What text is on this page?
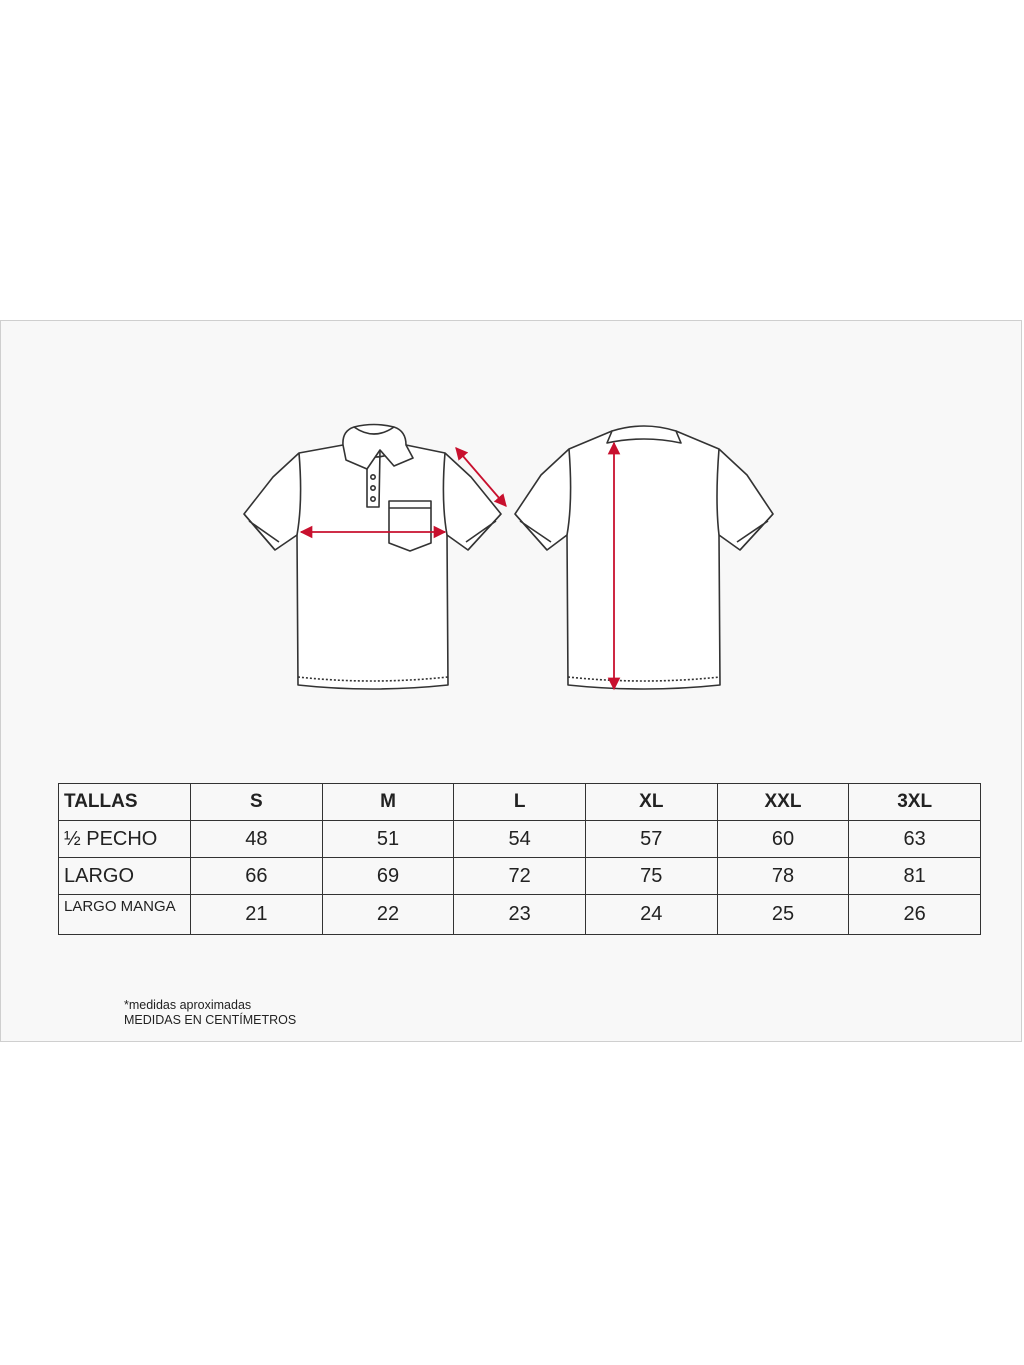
TALLAS	S	M	L	XL	XXL	3XL
½ PECHO	48	51	54	57	60	63
LARGO	66	69	72	75	78	81
LARGO MANGA	21	22	23	24	25	26
*medidas aproximadas
MEDIDAS EN CENTÍMETROS
